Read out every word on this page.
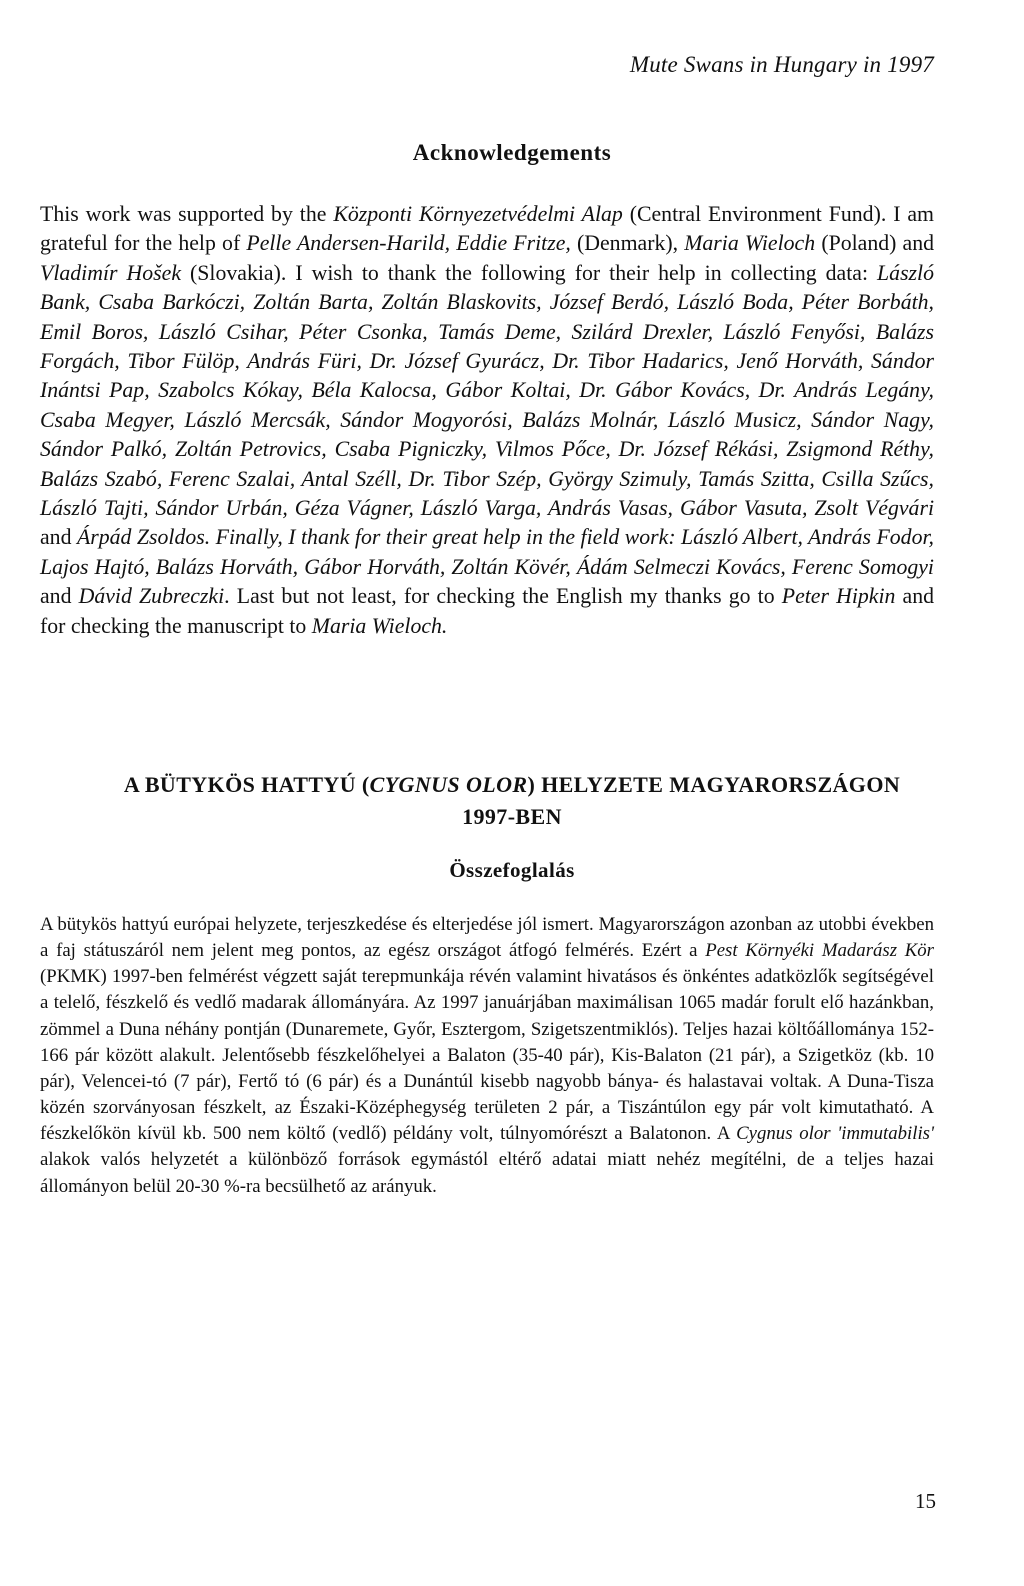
Mute Swans in Hungary in 1997
Acknowledgements

This work was supported by the Központi Környezetvédelmi Alap (Central Environment Fund). I am grateful for the help of Pelle Andersen-Harild, Eddie Fritze, (Denmark), Maria Wieloch (Poland) and Vladimír Hošek (Slovakia). I wish to thank the following for their help in collecting data: László Bank, Csaba Barkóczi, Zoltán Barta, Zoltán Blaskovits, József Berdó, László Boda, Péter Borbáth, Emil Boros, László Csihar, Péter Csonka, Tamás Deme, Szilárd Drexler, László Fenyősi, Balázs Forgách, Tibor Fülöp, András Füri, Dr. József Gyurácz, Dr. Tibor Hadarics, Jenő Horváth, Sándor Inántsi Pap, Szabolcs Kókay, Béla Kalocsa, Gábor Koltai, Dr. Gábor Kovács, Dr. András Legány, Csaba Megyer, László Mercsák, Sándor Mogyorósi, Balázs Molnár, László Musicz, Sándor Nagy, Sándor Palkó, Zoltán Petrovics, Csaba Pigniczky, Vilmos Pőce, Dr. József Rékási, Zsigmond Réthy, Balázs Szabó, Ferenc Szalai, Antal Széll, Dr. Tibor Szép, György Szimuly, Tamás Szitta, Csilla Szűcs, László Tajti, Sándor Urbán, Géza Vágner, László Varga, András Vasas, Gábor Vasuta, Zsolt Végvári and Árpád Zsoldos. Finally, I thank for their great help in the field work: László Albert, András Fodor, Lajos Hajtó, Balázs Horváth, Gábor Horváth, Zoltán Kövér, Ádám Selmeczi Kovács, Ferenc Somogyi and Dávid Zubreczki. Last but not least, for checking the English my thanks go to Peter Hipkin and for checking the manuscript to Maria Wieloch.

A BÜTYKÖS HATTYÚ (CYGNUS OLOR) HELYZETE MAGYARORSZÁGON
1997-BEN
Összefoglalás

A bütykös hattyú európai helyzete, terjeszkedése és elterjedése jól ismert. Magyarországon azonban az utobbi években a faj státuszáról nem jelent meg pontos, az egész országot átfogó felmérés. Ezért a Pest Környéki Madarász Kör (PKMK) 1997-ben felmérést végzett saját terepmunkája révén valamint hivatásos és önkéntes adatközlők segítségével a telelő, fészkelő és vedlő madarak állományára. Az 1997 januárjában maximálisan 1065 madár forult elő hazánkban, zömmel a Duna néhány pontján (Dunaremete, Győr, Esztergom, Szigetszentmiklós). Teljes hazai költőállománya 152-166 pár között alakult. Jelentősebb fészkelőhelyei a Balaton (35-40 pár), Kis-Balaton (21 pár), a Szigetköz (kb. 10 pár), Velencei-tó (7 pár), Fertő tó (6 pár) és a Dunántúl kisebb nagyobb bánya- és halastavai voltak. A Duna-Tisza közén szorványosan fészkelt, az Északi-Középhegység területen 2 pár, a Tiszántúlon egy pár volt kimutatható. A fészkelőkön kívül kb. 500 nem költő (vedlő) példány volt, túlnyomórészt a Balatonon. A Cygnus olor 'immutabilis' alakok valós helyzetét a különböző források egymástól eltérő adatai miatt nehéz megítélni, de a teljes hazai állományon belül 20-30 %-ra becsülhető az arányuk.

15
